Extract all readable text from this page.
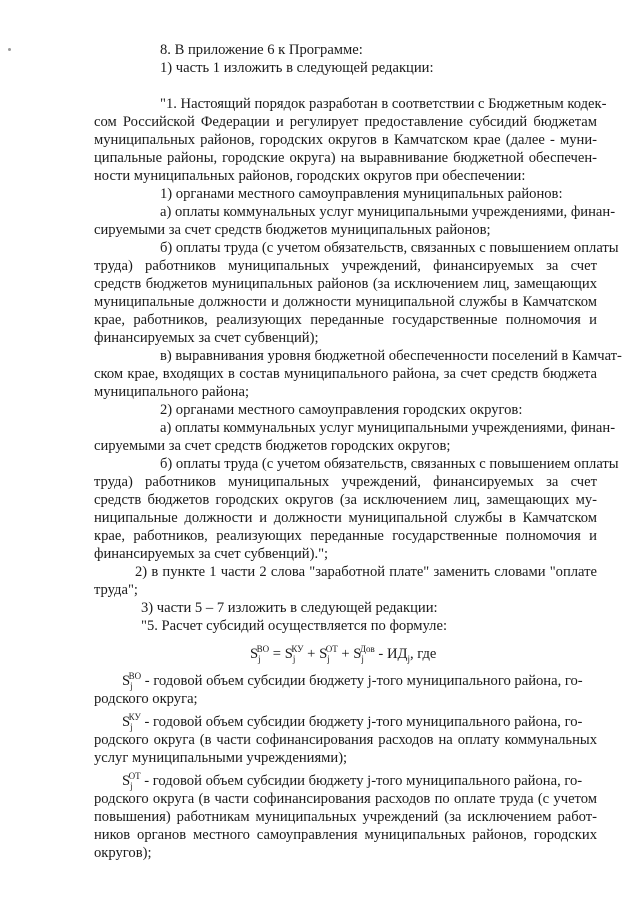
8. В приложение 6 к Программе:
1) часть 1 изложить в следующей редакции:
"1. Настоящий порядок разработан в соответствии с Бюджетным кодек-
сом Российской Федерации и регулирует предоставление субсидий бюджетам
муниципальных районов, городских округов в Камчатском крае (далее - муни-
ципальные районы, городские округа) на выравнивание бюджетной обеспечен-
ности муниципальных районов, городских округов при обеспечении:
1) органами местного самоуправления муниципальных районов:
а) оплаты коммунальных услуг муниципальными учреждениями, финан-
сируемыми за счет средств бюджетов муниципальных районов;
б) оплаты труда (с учетом обязательств, связанных с повышением оплаты
труда) работников муниципальных учреждений, финансируемых за счет
средств бюджетов муниципальных районов (за исключением лиц, замещающих
муниципальные должности и должности муниципальной службы в Камчатском
крае, работников, реализующих переданные государственные полномочия и
финансируемых за счет субвенций);
в) выравнивания уровня бюджетной обеспеченности поселений в Камчат-
ском крае, входящих в состав муниципального района, за счет средств бюджета
муниципального района;
2) органами местного самоуправления городских округов:
а) оплаты коммунальных услуг муниципальными учреждениями, финан-
сируемыми за счет средств бюджетов городских округов;
б) оплаты труда (с учетом обязательств, связанных с повышением оплаты
труда) работников муниципальных учреждений, финансируемых за счет
средств бюджетов городских округов (за исключением лиц, замещающих му-
ниципальные должности и должности муниципальной службы в Камчатском
крае, работников, реализующих переданные государственные полномочия и
финансируемых за счет субвенций).";
2) в пункте 1 части 2 слова "заработной плате" заменить словами "оплате
труда";
3) части 5 – 7 изложить в следующей редакции:
"5. Расчет субсидий осуществляется по формуле:
$S_j^{ВО} = S_j^{КУ} + S_j^{ОТ} + S_j^{Дов} - ИД_j$, где
$S_j^{ВО}$ - годовой объем субсидии бюджету j-того муниципального района, го-
родского округа;
$S_j^{КУ}$ - годовой объем субсидии бюджету j-того муниципального района, го-
родского округа (в части софинансирования расходов на оплату коммунальных
услуг муниципальными учреждениями);
$S_j^{ОТ}$ - годовой объем субсидии бюджету j-того муниципального района, го-
родского округа (в части софинансирования расходов по оплате труда (с учетом
повышения) работникам муниципальных учреждений (за исключением работ-
ников органов местного самоуправления муниципальных районов, городских
округов);
